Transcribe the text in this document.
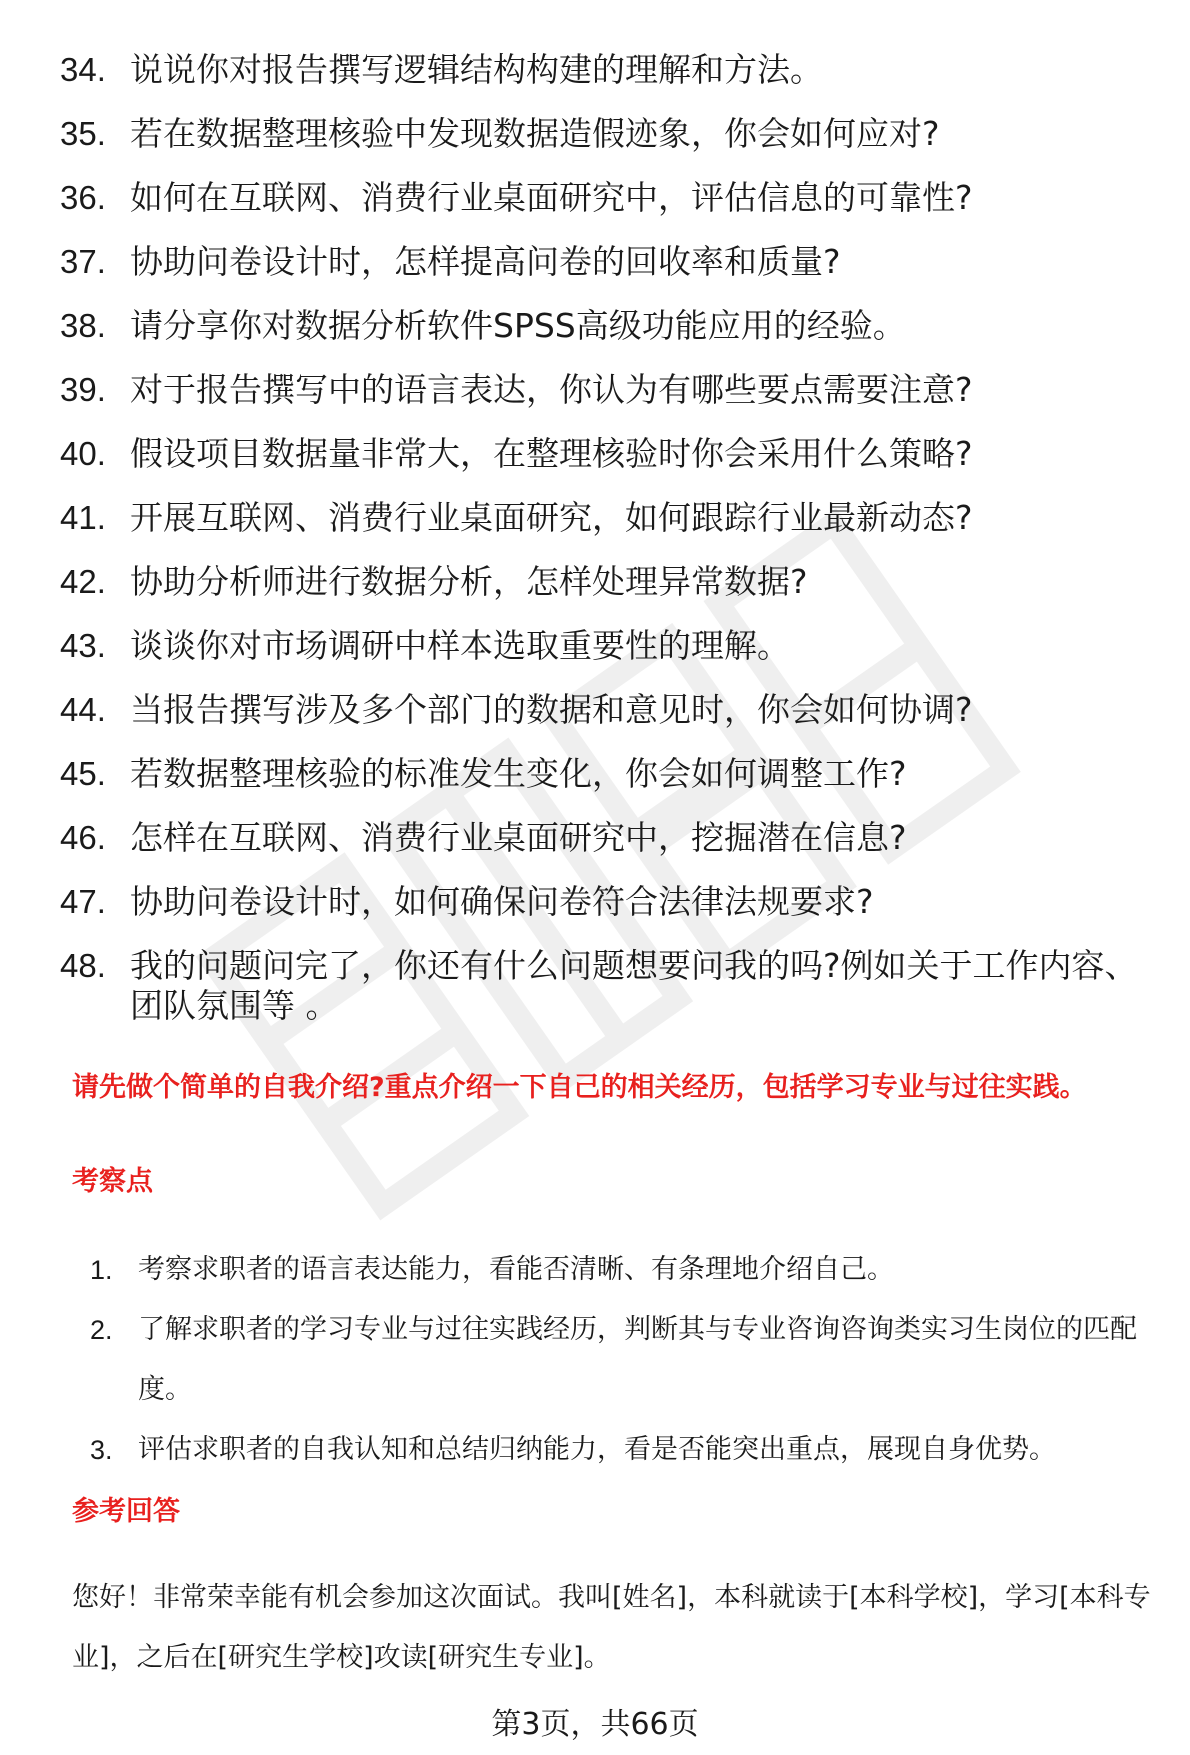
34. 说说你对报告撰写逻辑结构构建的理解和方法。
35. 若在数据整理核验中发现数据造假迹象，你会如何应对?
36. 如何在互联网、消费行业桌面研究中，评估信息的可靠性?
37. 协助问卷设计时，怎样提高问卷的回收率和质量?
38. 请分享你对数据分析软件SPSS高级功能应用的经验。
39. 对于报告撰写中的语言表达，你认为有哪些要点需要注意?
40. 假设项目数据量非常大，在整理核验时你会采用什么策略?
41. 开展互联网、消费行业桌面研究，如何跟踪行业最新动态?
42. 协助分析师进行数据分析，怎样处理异常数据?
43. 谈谈你对市场调研中样本选取重要性的理解。
44. 当报告撰写涉及多个部门的数据和意见时，你会如何协调?
45. 若数据整理核验的标准发生变化，你会如何调整工作?
46. 怎样在互联网、消费行业桌面研究中，挖掘潜在信息?
47. 协助问卷设计时，如何确保问卷符合法律法规要求?
48. 我的问题问完了，你还有什么问题想要问我的吗?例如关于工作内容、团队氛围等 。
请先做个简单的自我介绍?重点介绍一下自己的相关经历，包括学习专业与过往实践。
考察点
1. 考察求职者的语言表达能力，看能否清晰、有条理地介绍自己。
2. 了解求职者的学习专业与过往实践经历，判断其与专业咨询咨询类实习生岗位的匹配度。
3. 评估求职者的自我认知和总结归纳能力，看是否能突出重点，展现自身优势。
参考回答
您好！非常荣幸能有机会参加这次面试。我叫[姓名]，本科就读于[本科学校]，学习[本科专业]，之后在[研究生学校]攻读[研究生专业]。
第3页，共66页
